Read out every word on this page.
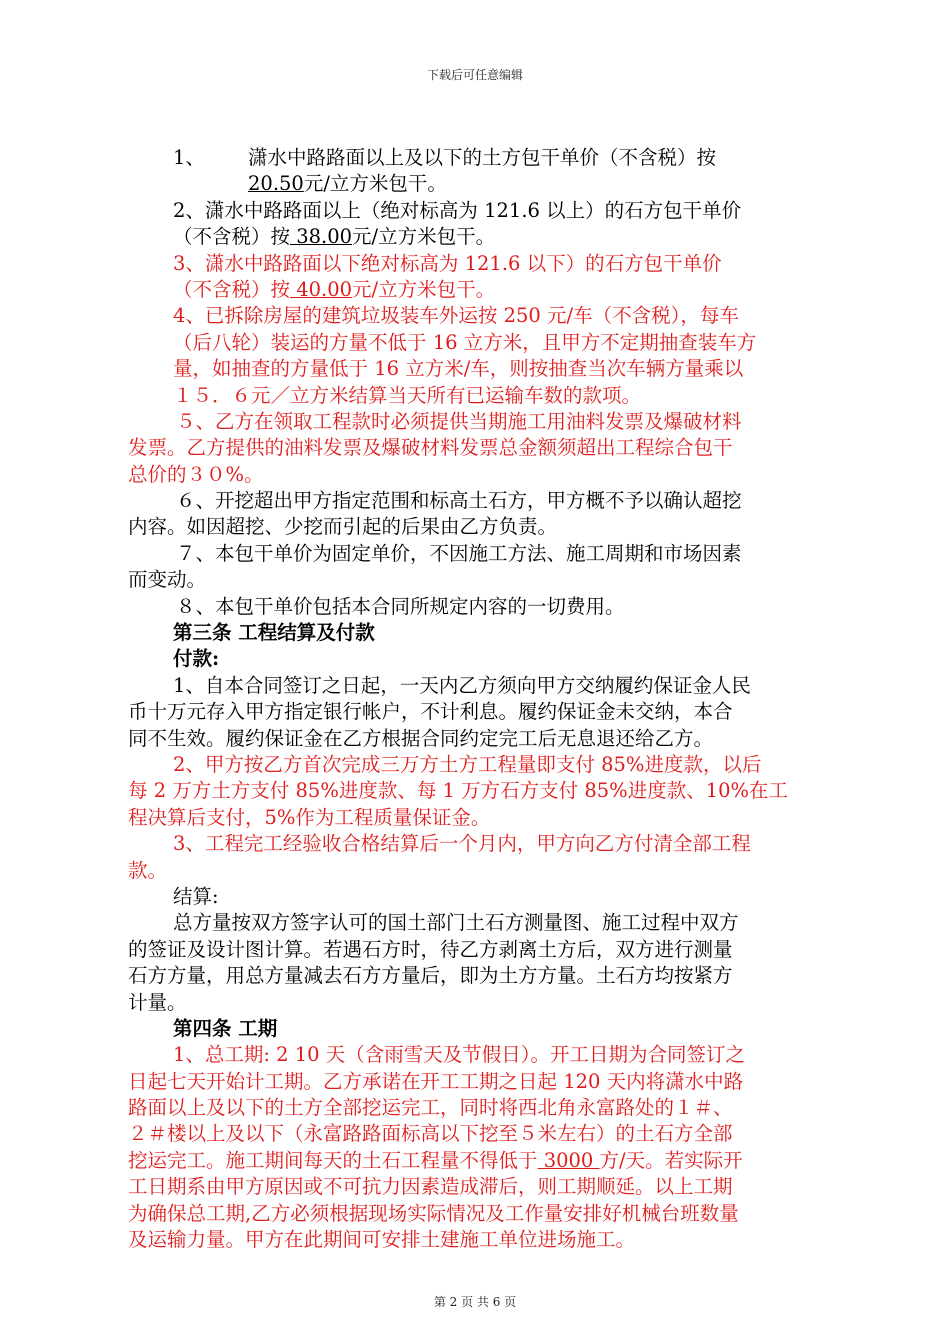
下载后可任意编辑
1、 潇水中路路面以上及以下的土方包干单价（不含税）按
20.50元/立方米包干。
2、潇水中路路面以上（绝对标高为 121.6 以上）的石方包干单价
（不含税）按 38.00元/立方米包干。
3、潇水中路路面以下绝对标高为 121.6 以下）的石方包干单价
（不含税）按 40.00元/立方米包干。
4、已拆除房屋的建筑垃圾装车外运按 250 元/车（不含税），每车
（后八轮）装运的方量不低于 16 立方米，且甲方不定期抽查装车方
量，如抽查的方量低于 16 立方米/车，则按抽查当次车辆方量乘以
１５．６元／立方米结算当天所有已运输车数的款项。
５、乙方在领取工程款时必须提供当期施工用油料发票及爆破材料
发票。乙方提供的油料发票及爆破材料发票总金额须超出工程综合包干
总价的３０%。
６、开挖超出甲方指定范围和标高土石方，甲方概不予以确认超挖
内容。如因超挖、少挖而引起的后果由乙方负责。
７、本包干单价为固定单价，不因施工方法、施工周期和市场因素
而变动。
８、本包干单价包括本合同所规定内容的一切费用。
第三条 工程结算及付款
付款:
1、自本合同签订之日起，一天内乙方须向甲方交纳履约保证金人民
币十万元存入甲方指定银行帐户，不计利息。履约保证金未交纳，本合
同不生效。履约保证金在乙方根据合同约定完工后无息退还给乙方。
2、甲方按乙方首次完成三万方土方工程量即支付 85%进度款，以后
每 2 万方土方支付 85%进度款、每 1 万方石方支付 85%进度款、10%在工
程决算后支付，5%作为工程质量保证金。
3、工程完工经验收合格结算后一个月内，甲方向乙方付清全部工程
款。
结算:
总方量按双方签字认可的国土部门土石方测量图、施工过程中双方
的签证及设计图计算。若遇石方时，待乙方剥离土方后，双方进行测量
石方方量，用总方量减去石方方量后，即为土方方量。土石方均按紧方
计量。
第四条 工期
1、总工期: 2 10 天（含雨雪天及节假日）。开工日期为合同签订之
日起七天开始计工期。乙方承诺在开工工期之日起 120 天内将潇水中路
路面以上及以下的土方全部挖运完工，同时将西北角永富路处的１＃、
２＃楼以上及以下（永富路路面标高以下挖至５米左右）的土石方全部
挖运完工。施工期间每天的土石工程量不得低于 3000 方/天。若实际开
工日期系由甲方原因或不可抗力因素造成滞后，则工期顺延。以上工期
为确保总工期,乙方必须根据现场实际情况及工作量安排好机械台班数量
及运输力量。甲方在此期间可安排土建施工单位进场施工。
第 2 页 共 6 页
